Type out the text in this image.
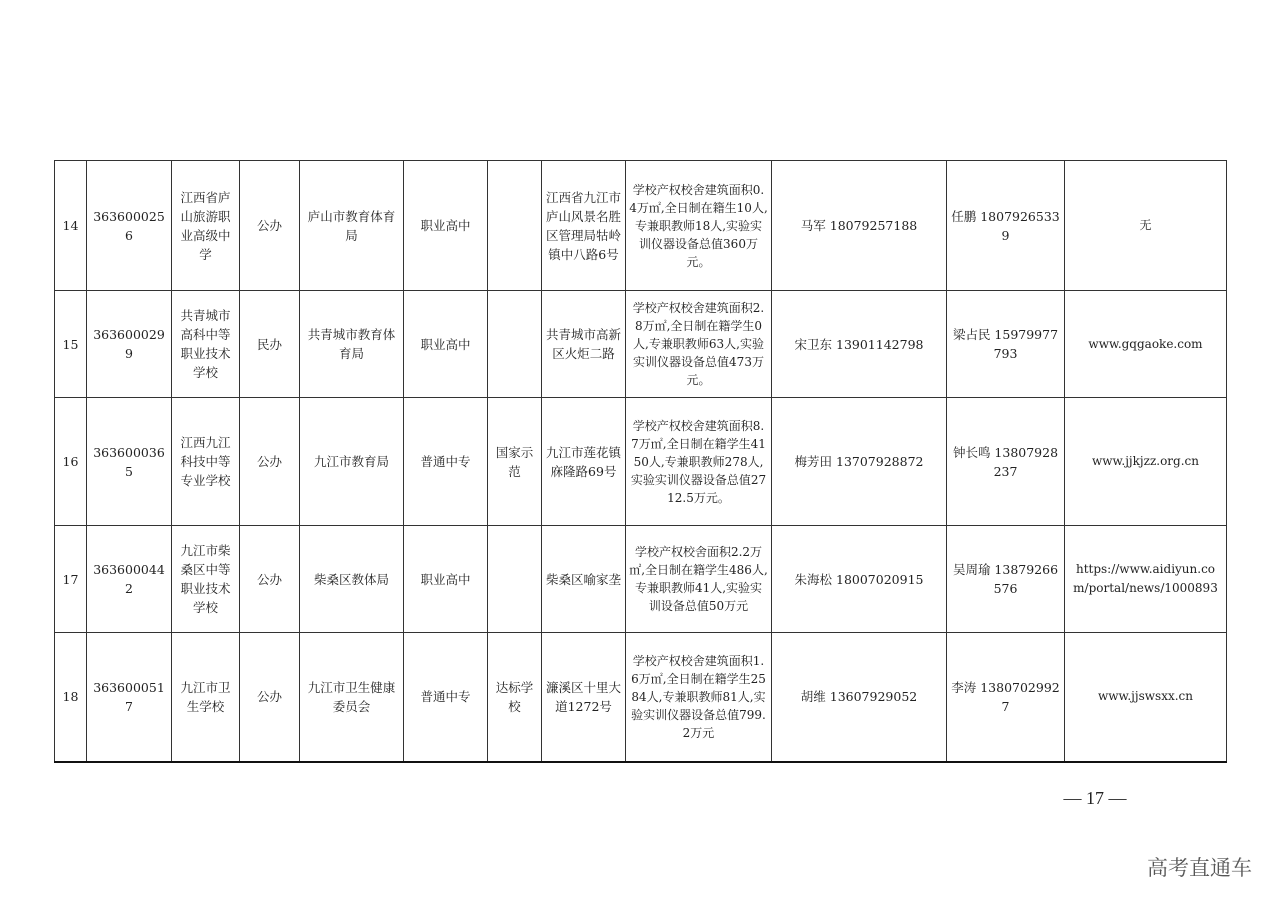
14	3636000256	江西省庐山旅游职业高级中学	公办	庐山市教育体育局	职业高中		江西省九江市庐山风景名胜区管理局牯岭镇中八路6号	学校产权校舍建筑面积0.4万㎡,全日制在籍生10人,专兼职教师18人,实验实训仪器设备总值360万元。	马军 18079257188	任鹏 18079265339	无
15	3636000299	共青城市高科中等职业技术学校	民办	共青城市教育体育局	职业高中		共青城市高新区火炬二路	学校产权校舍建筑面积2.8万㎡,全日制在籍学生0人,专兼职教师63人,实验实训仪器设备总值473万元。	宋卫东 13901142798	梁占民 15979977793	www.gqgaoke.com
16	3636000365	江西九江科技中等专业学校	公办	九江市教育局	普通中专	国家示范	九江市莲花镇庥隆路69号	学校产权校舍建筑面积8.7万㎡,全日制在籍学生4150人,专兼职教师278人,实验实训仪器设备总值2712.5万元。	梅芳田 13707928872	钟长鸣 13807928237	www.jjkjzz.org.cn
17	3636000442	九江市柴桑区中等职业技术学校	公办	柴桑区教体局	职业高中		柴桑区喻家垄	学校产权校舍面积2.2万㎡,全日制在籍学生486人,专兼职教师41人,实验实训设备总值50万元	朱海松 18007020915	吴周瑜 13879266576	https://www.aidiyun.com/portal/news/1000893
18	3636000517	九江市卫生学校	公办	九江市卫生健康委员会	普通中专	达标学校	濂溪区十里大道1272号	学校产权校舍建筑面积1.6万㎡,全日制在籍学生2584人,专兼职教师81人,实验实训仪器设备总值799.2万元	胡维 13607929052	李涛 13807029927	www.jjswsxx.cn
— 17 —
高考直通车
